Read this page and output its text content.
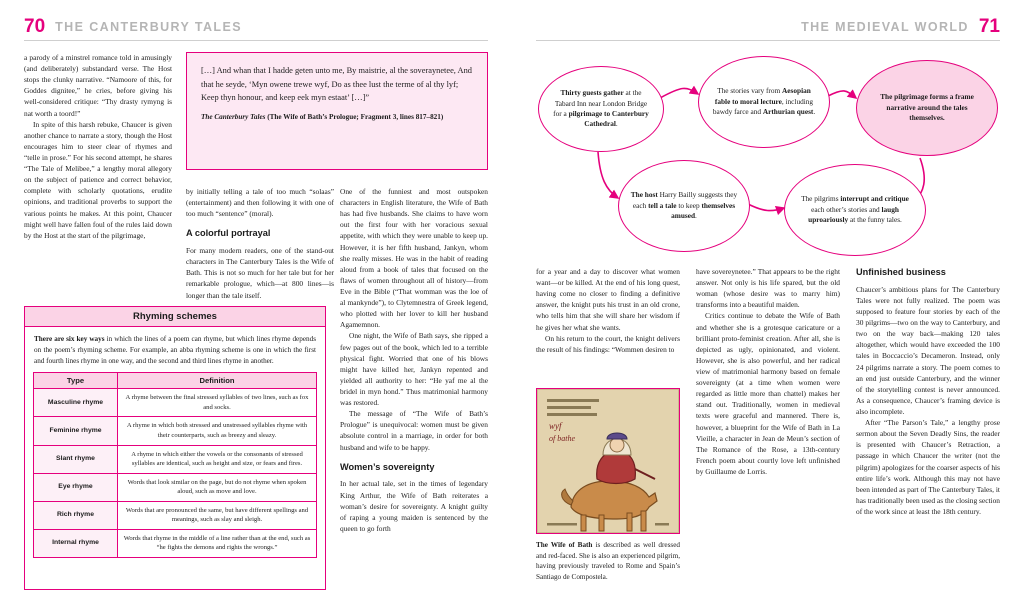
70 THE CANTERBURY TALES

a parody of a minstrel romance told in amusingly (and deliberately) substandard verse. The Host stops the clunky narrative. “Namoore of this, for Goddes dignitee,” he cries, before giving his well-considered critique: “Thy drasty rymyng is nat worth a toord!”

In spite of this harsh rebuke, Chaucer is given another chance to narrate a story, though the Host encourages him to steer clear of rhymes and “telle in prose.” For his second attempt, he shares “The Tale of Melibee,” a lengthy moral allegory on the subject of patience and correct behavior, complete with scholarly quotations, erudite opinions, and traditional proverbs to support the various points he makes. At this point, Chaucer might well have fallen foul of the rules laid down by the Host at the start of the pilgrimage,

[…] And whan that I hadde geten unto me, By maistrie, al the soveraynetee, And that he seyde, ‘Myn owene trewe wyf, Do as thee lust the terme of al thy lyf; Keep thyn honour, and keep eek myn estaat’ […]”
The Canterbury Tales (The Wife of Bath’s Prologue; Fragment 3, lines 817–821)

by initially telling a tale of too much “solaas” (entertainment) and then following it with one of too much “sentence” (moral).

A colorful portrayal

For many modern readers, one of the stand-out characters in The Canterbury Tales is the Wife of Bath. This is not so much for her tale but for her remarkable prologue, which—at 800 lines—is longer than the tale itself.

One of the funniest and most outspoken characters in English literature, the Wife of Bath has had five husbands. She claims to have worn out the first four with her voracious sexual appetite, with which they were unable to keep up. However, it is her fifth husband, Jankyn, whom she really misses. He was in the habit of reading aloud from a book of tales that focused on the flaws of women throughout all of history—from Eve in the Bible (“That womman was the loe of al mankynde”), to Clytemnestra of Greek legend, who plotted with her lover to kill her husband Agamemnon.

One night, the Wife of Bath says, she ripped a few pages out of the book, which led to a terrible physical fight. Worried that one of his blows might have killed her, Jankyn repented and yielded all authority to her: “He yaf me al the bridel in myn hond.” Thus matrimonial harmony was restored.

The message of “The Wife of Bath’s Prologue” is unequivocal: women must be given absolute control in a marriage, in order for both husband and wife to be happy.

Women’s sovereignty

In her actual tale, set in the times of legendary King Arthur, the Wife of Bath reiterates a woman’s desire for sovereignty. A knight guilty of raping a young maiden is sentenced by the queen to go forth

Rhyming schemes
There are six key ways in which the lines of a poem can rhyme, but which lines rhyme depends on the poem’s rhyming scheme. For example, an abba rhyming scheme is one in which the first and fourth lines rhyme in one way, and the second and third lines rhyme in another.
Type	Definition
Masculine rhyme	A rhyme between the final stressed syllables of two lines, such as fox and socks.
Feminine rhyme	A rhyme in which both stressed and unstressed syllables rhyme with their counterparts, such as breezy and sleazy.
Slant rhyme	A rhyme in which either the vowels or the consonants of stressed syllables are identical, such as height and size, or fears and fires.
Eye rhyme	Words that look similar on the page, but do not rhyme when spoken aloud, such as move and love.
Rich rhyme	Words that are pronounced the same, but have different spellings and meanings, such as slay and sleigh.
Internal rhyme	Words that rhyme in the middle of a line rather than at the end, such as “he fights the demons and rights the wrongs.”
THE MEDIEVAL WORLD 71
Thirty guests gather at the Tabard Inn near London Bridge for a pilgrimage to Canterbury Cathedral.
The stories vary from Aesopian fable to moral lecture, including bawdy farce and Arthurian quest.
The pilgrimage forms a frame narrative around the tales themselves.
The host Harry Bailly suggests they each tell a tale to keep themselves amused.
The pilgrims interrupt and critique each other’s stories and laugh uproariously at the funny tales.

for a year and a day to discover what women want—or be killed. At the end of his long quest, having come no closer to finding a definitive answer, the knight puts his trust in an old crone, who tells him that she will share her wisdom if he gives her what she wants.

On his return to the court, the knight delivers the result of his findings: “Wommen desiren to

have sovereynetee.” That appears to be the right answer. Not only is his life spared, but the old woman (whose desire was to marry him) transforms into a beautiful maiden.

Critics continue to debate the Wife of Bath and whether she is a grotesque caricature or a brilliant proto-feminist creation. After all, she is depicted as ugly, opinionated, and violent. However, she is also powerful, and her radical view of matrimonial harmony based on female sovereignty (at a time when women were regarded as little more than chattel) makes her stand out. Traditionally, women in medieval texts were graceful and mannered. There is, however, a blueprint for the Wife of Bath in La Vieille, a character in Jean de Meun’s section of The Romance of the Rose, a 13th-century French poem about courtly love left unfinished by Guillaume de Lorris.

Unfinished business

Chaucer’s ambitious plans for The Canterbury Tales were not fully realized. The poem was supposed to feature four stories by each of the 30 pilgrims—two on the way to Canterbury, and two on the way back—making 120 tales altogether, which would have exceeded the 100 tales in Boccaccio’s Decameron. Instead, only 24 pilgrims narrate a story. The poem comes to an end just outside Canterbury, and the winner of the storytelling contest is never announced. As a consequence, Chaucer’s framing device is also incomplete.

After “The Parson’s Tale,” a lengthy prose sermon about the Seven Deadly Sins, the reader is presented with Chaucer’s Retraction, a passage in which Chaucer the writer (not the pilgrim) apologizes for the coarser aspects of his entire life’s work. Although this may not have been intended as part of The Canterbury Tales, it has traditionally been used as the closing section of the work since at least the 18th century.

wyf
of bathe
The Wife of Bath is described as well dressed and red-faced. She is also an experienced pilgrim, having previously traveled to Rome and Spain’s Santiago de Compostela.
